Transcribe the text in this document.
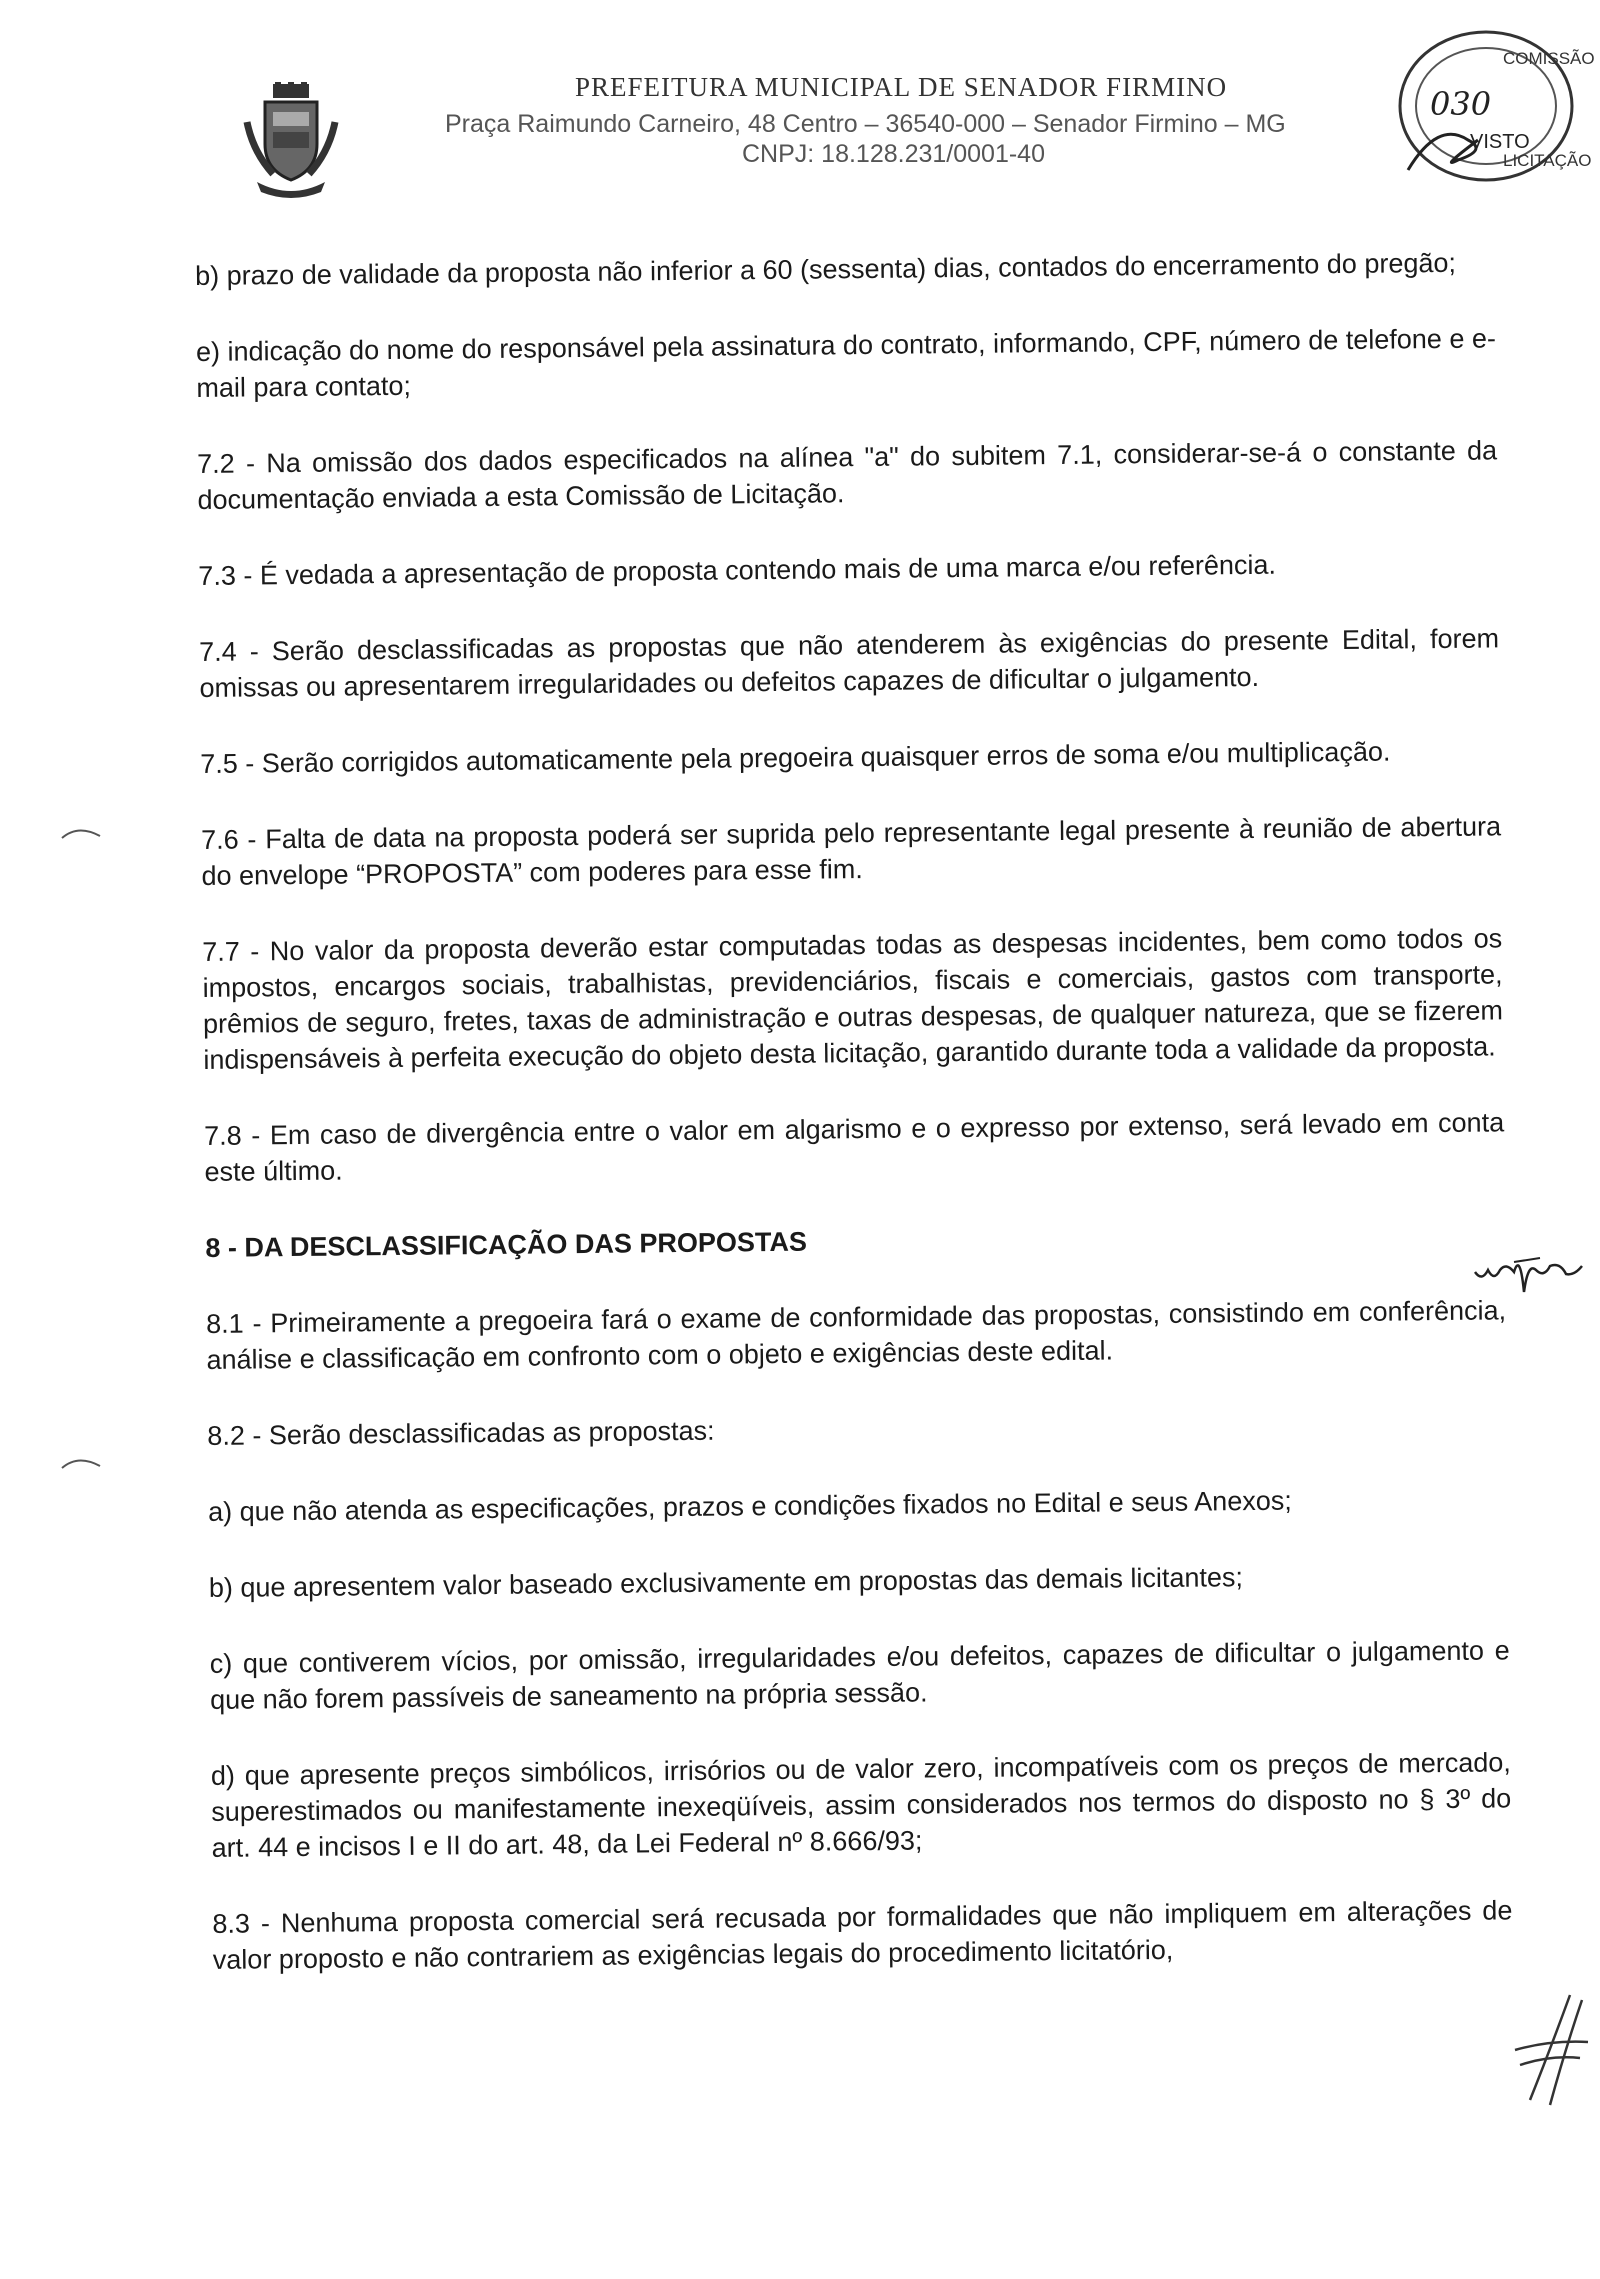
PREFEITURA MUNICIPAL DE SENADOR FIRMINO
Praça Raimundo Carneiro, 48 Centro – 36540-000 – Senador Firmino – MG
CNPJ: 18.128.231/0001-40
COMISSÃO
LICITAÇÃO
030
VISTO

b) prazo de validade da proposta não inferior a 60 (sessenta) dias, contados do encerramento do pregão;

e) indicação do nome do responsável pela assinatura do contrato, informando, CPF, número de telefone e e-mail para contato;

7.2 - Na omissão dos dados especificados na alínea "a" do subitem 7.1, considerar-se-á o constante da documentação enviada a esta Comissão de Licitação.

7.3 - É vedada a apresentação de proposta contendo mais de uma marca e/ou referência.

7.4 - Serão desclassificadas as propostas que não atenderem às exigências do presente Edital, forem omissas ou apresentarem irregularidades ou defeitos capazes de dificultar o julgamento.

7.5 - Serão corrigidos automaticamente pela pregoeira quaisquer erros de soma e/ou multiplicação.

7.6 - Falta de data na proposta poderá ser suprida pelo representante legal presente à reunião de abertura do envelope “PROPOSTA” com poderes para esse fim.

7.7 - No valor da proposta deverão estar computadas todas as despesas incidentes, bem como todos os impostos, encargos sociais, trabalhistas, previdenciários, fiscais e comerciais, gastos com transporte, prêmios de seguro, fretes, taxas de administração e outras despesas, de qualquer natureza, que se fizerem indispensáveis à perfeita execução do objeto desta licitação, garantido durante toda a validade da proposta.

7.8 - Em caso de divergência entre o valor em algarismo e o expresso por extenso, será levado em conta este último.

8 - DA DESCLASSIFICAÇÃO DAS PROPOSTAS

8.1 - Primeiramente a pregoeira fará o exame de conformidade das propostas, consistindo em conferência, análise e classificação em confronto com o objeto e exigências deste edital.

8.2 - Serão desclassificadas as propostas:

a) que não atenda as especificações, prazos e condições fixados no Edital e seus Anexos;

b) que apresentem valor baseado exclusivamente em propostas das demais licitantes;

c) que contiverem vícios, por omissão, irregularidades e/ou defeitos, capazes de dificultar o julgamento e que não forem passíveis de saneamento na própria sessão.

d) que apresente preços simbólicos, irrisórios ou de valor zero, incompatíveis com os preços de mercado, superestimados ou manifestamente inexeqüíveis, assim considerados nos termos do disposto no § 3º do art. 44 e incisos I e II do art. 48, da Lei Federal nº 8.666/93;

8.3 - Nenhuma proposta comercial será recusada por formalidades que não impliquem em alterações de valor proposto e não contrariem as exigências legais do procedimento licitatório,
